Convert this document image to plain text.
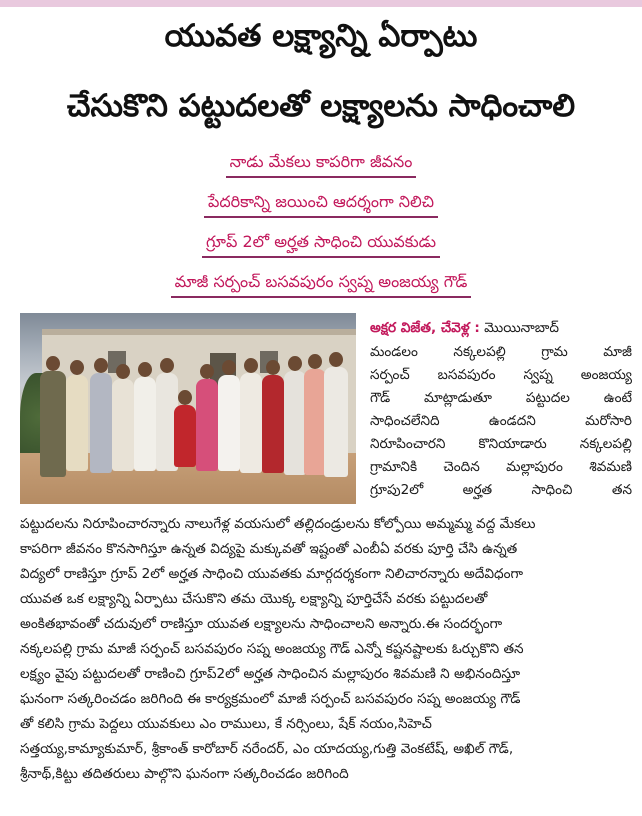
యువత లక్ష్యాన్ని ఏర్పాటు
చేసుకొని పట్టుదలతో లక్ష్యాలను సాధించాలి
నాడు మేకలు కాపరిగా జీవనం
పేదరికాన్ని జయించి ఆదర్శంగా నిలిచి
గ్రూప్ 2లో అర్హత సాధించి యువకుడు
మాజీ సర్పంచ్ బసవపురం స్వప్న అంజయ్య గౌడ్
అక్షర విజేత, చేవెళ్ల : మొయినాబాద్
మండలం నక్కలపల్లి గ్రామ మాజీ
సర్పంచ్ బసవపురం స్వప్న అంజయ్య
గౌడ్ మాట్లాడుతూ పట్టుదల ఉంటే
సాధించలేనిది ఉండదని మరోసారి
నిరూపించారని కొనియాడారు నక్కలపల్లి
గ్రామానికి చెందిన మల్లాపురం శివమణి
గ్రూపు2లో అర్హత సాధించి తన
పట్టుదలను నిరూపించారన్నారు నాలుగేళ్ల వయసులో తల్లిదండ్రులను కోల్పోయి అమ్మమ్మ వద్ద మేకలు
కాపరిగా జీవనం కొనసాగిస్తూ ఉన్నత విద్యపై మక్కువతో ఇష్టంతో ఎంబీఏ వరకు పూర్తి చేసి ఉన్నత
విద్యలో రాణిస్తూ గ్రూప్ 2లో అర్హత సాధించి యువతకు మార్గదర్శకంగా నిలిచారన్నారు అదేవిధంగా
యువత ఒక లక్ష్యాన్ని ఏర్పాటు చేసుకొని తమ యొక్క లక్ష్యాన్ని పూర్తిచేసే వరకు పట్టుదలతో
అంకితభావంతో చదువులో రాణిస్తూ యువత లక్ష్యాలను సాధించాలని అన్నారు.ఈ సందర్భంగా
నక్కలపల్లి గ్రామ మాజీ సర్పంచ్ బసవపురం సప్న అంజయ్య గౌడ్ ఎన్నో కష్టనష్టాలకు ఓర్చుకొని తన
లక్ష్యం వైపు పట్టుదలతో రాణించి గ్రూప్2లో అర్హత సాధించిన మల్లాపురం శివమణి ని అభినందిస్తూ
ఘనంగా సత్కరించడం జరిగింది ఈ కార్యక్రమంలో మాజీ సర్పంచ్ బసవపురం సప్న అంజయ్య గౌడ్
తో కలిసి గ్రామ పెద్దలు యువకులు ఎం రాములు, కే నర్సింలు, షేక్ నయం,సిహెచ్
సత్తయ్య,కామ్యాకుమార్, శ్రీకాంత్ కారోబార్ నరేందర్, ఎం యాదయ్య,గుత్తి వెంకటేష్, అఖిల్ గౌడ్,
శ్రీనాథ్,కిట్టు తదితరులు పాల్గొని ఘనంగా సత్కరించడం జరిగింది
